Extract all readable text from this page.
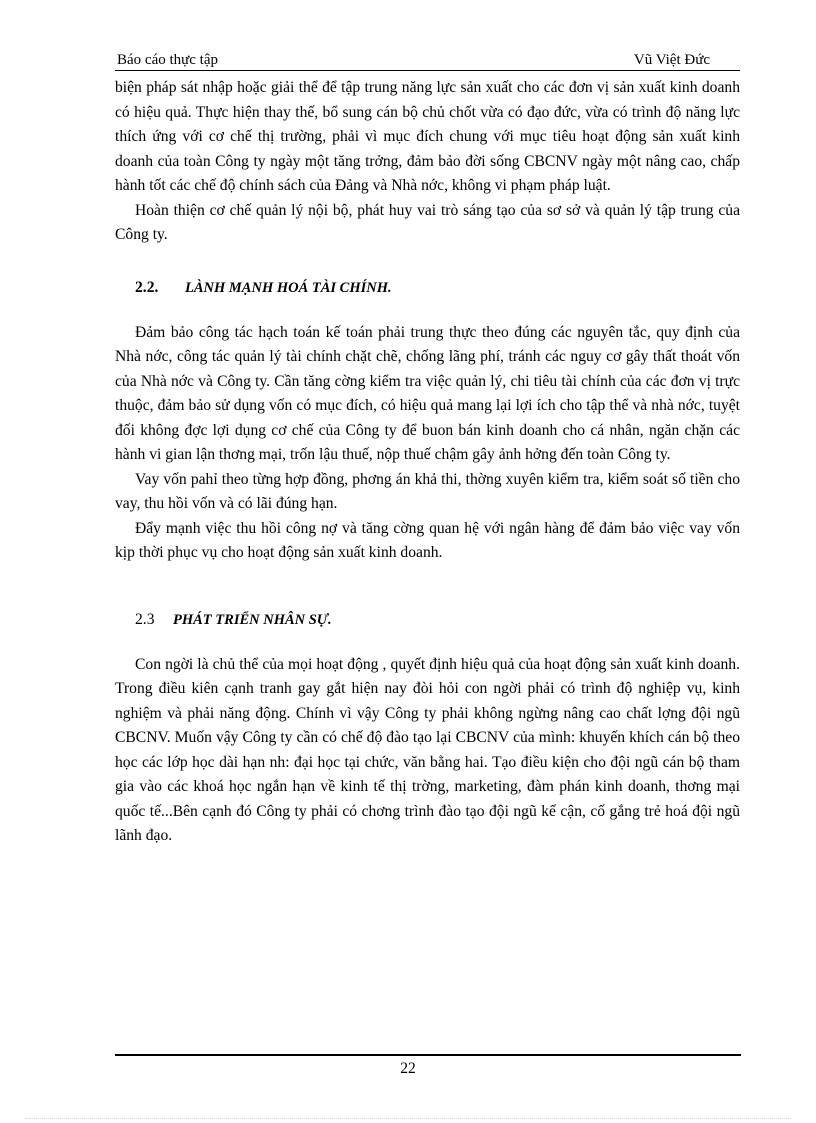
Báo cáo thực tập	Vũ Việt Đức

biện pháp sát nhập hoặc giải thể để tập trung năng lực sản xuất cho các đơn vị sản xuất kinh doanh có hiệu quả. Thực hiện thay thế, bổ sung cán bộ chủ chốt vừa có đạo đức, vừa có trình độ năng lực thích ứng với cơ chế thị trường, phải vì mục đích chung với mục tiêu hoạt động sản xuất kinh doanh của toàn Công ty ngày một tăng trởng, đảm bảo đời sống CBCNV ngày một nâng cao, chấp hành tốt các chế độ chính sách của Đảng và Nhà nớc, không vi phạm pháp luật.

Hoàn thiện cơ chế quản lý nội bộ, phát huy vai trò sáng tạo của sơ sở và quản lý tập trung của Công ty.

2.2. LÀNH MẠNH HOÁ TÀI CHÍNH.

Đảm bảo công tác hạch toán kế toán phải trung thực theo đúng các nguyên tắc, quy định của Nhà nớc, công tác quản lý tài chính chặt chẽ, chống lãng phí, tránh các nguy cơ gây thất thoát vốn của Nhà nớc và Công ty. Cần tăng cờng kiểm tra việc quản lý, chi tiêu tài chính của các đơn vị trực thuộc, đảm bảo sử dụng vốn có mục đích, có hiệu quả mang lại lợi ích cho tập thể và nhà nớc, tuyệt đối không đợc lợi dụng cơ chế của Công ty để buon bán kinh doanh cho cá nhân, ngăn chặn các hành vi gian lận thơng mại, trốn lậu thuế, nộp thuế chậm gây ảnh hởng đến toàn Công ty.

Vay vốn pahỉ theo từng hợp đồng, phơng án khả thi, thờng xuyên kiểm tra, kiểm soát số tiền cho vay, thu hồi vốn và có lãi đúng hạn.

Đẩy mạnh việc thu hồi công nợ và tăng cờng quan hệ với ngân hàng để đảm bảo việc vay vốn kịp thời phục vụ cho hoạt động sản xuất kinh doanh.

2.3 PHÁT TRIỂN NHÂN SỰ.

Con ngời là chủ thể của mọi hoạt động , quyết định hiệu quả của hoạt động sản xuất kinh doanh. Trong điều kiên cạnh tranh gay gắt hiện nay đòi hỏi con ngời phải có trình độ nghiệp vụ, kinh nghiệm và phải năng động. Chính vì vậy Công ty phải không ngừng nâng cao chất lợng đội ngũ CBCNV. Muốn vậy Công ty cần có chế độ đào tạo lại CBCNV của mình: khuyến khích cán bộ theo học các lớp học dài hạn nh: đại học tại chức, văn bằng hai. Tạo điều kiện cho đội ngũ cán bộ tham gia vào các khoá học ngắn hạn về kinh tế thị trờng, marketing, đàm phán kinh doanh, thơng mại quốc tế...Bên cạnh đó Công ty phải có chơng trình đào tạo đội ngũ kế cận, cố gắng trẻ hoá đội ngũ lãnh đạo.

22
